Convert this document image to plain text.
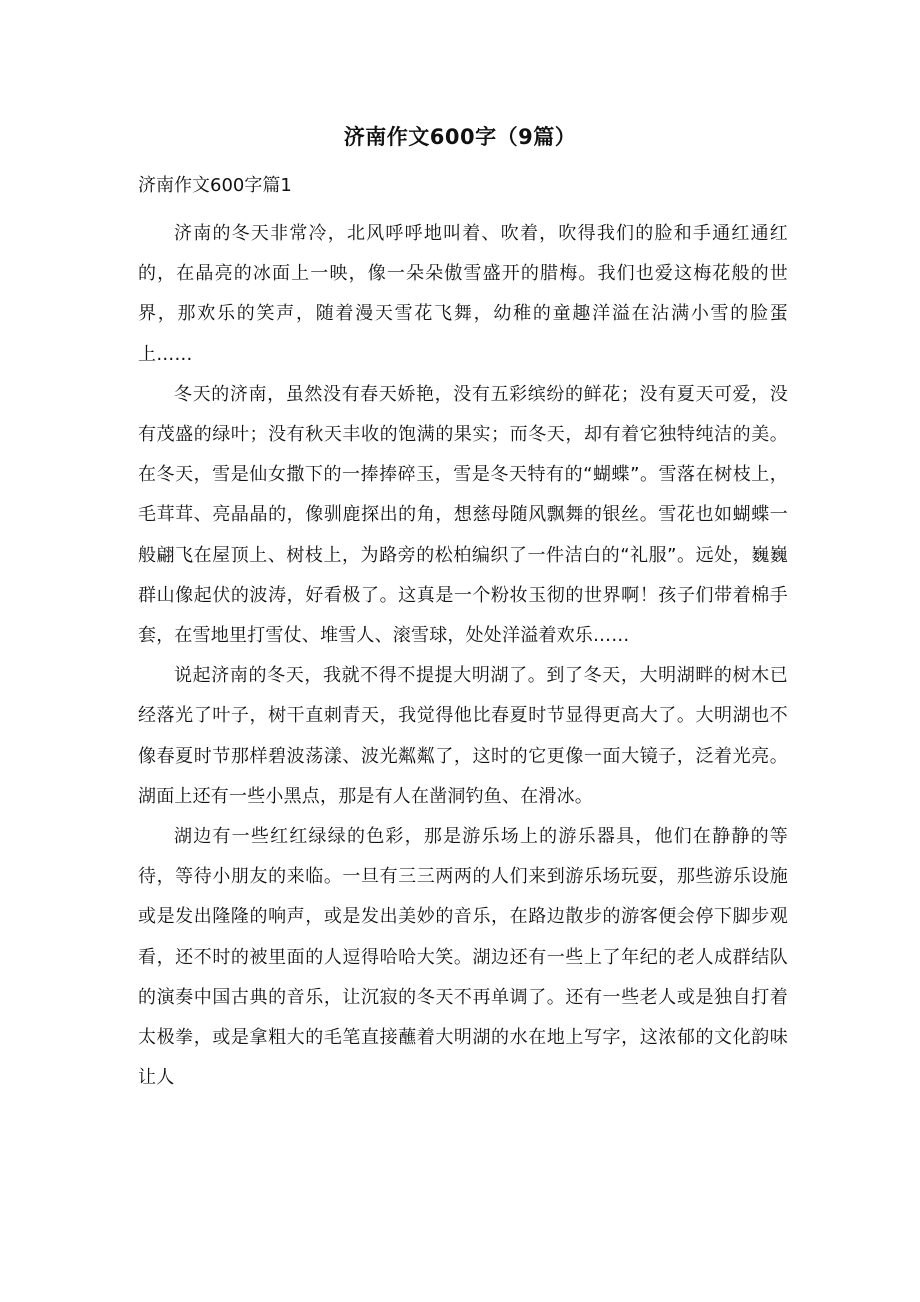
济南作文600字（9篇）
济南作文600字篇1

济南的冬天非常冷，北风呼呼地叫着、吹着，吹得我们的脸和手通红通红的，在晶亮的冰面上一映，像一朵朵傲雪盛开的腊梅。我们也爱这梅花般的世界，那欢乐的笑声，随着漫天雪花飞舞，幼稚的童趣洋溢在沾满小雪的脸蛋上……

冬天的济南，虽然没有春天娇艳，没有五彩缤纷的鲜花；没有夏天可爱，没有茂盛的绿叶；没有秋天丰收的饱满的果实；而冬天，却有着它独特纯洁的美。在冬天，雪是仙女撒下的一捧捧碎玉，雪是冬天特有的“蝴蝶”。雪落在树枝上，毛茸茸、亮晶晶的，像驯鹿探出的角，想慈母随风飘舞的银丝。雪花也如蝴蝶一般翩飞在屋顶上、树枝上，为路旁的松柏编织了一件洁白的“礼服”。远处，巍巍群山像起伏的波涛，好看极了。这真是一个粉妆玉彻的世界啊！孩子们带着棉手套，在雪地里打雪仗、堆雪人、滚雪球，处处洋溢着欢乐……

说起济南的冬天，我就不得不提提大明湖了。到了冬天，大明湖畔的树木已经落光了叶子，树干直刺青天，我觉得他比春夏时节显得更高大了。大明湖也不像春夏时节那样碧波荡漾、波光粼粼了，这时的它更像一面大镜子，泛着光亮。湖面上还有一些小黑点，那是有人在凿洞钓鱼、在滑冰。

湖边有一些红红绿绿的色彩，那是游乐场上的游乐器具，他们在静静的等待，等待小朋友的来临。一旦有三三两两的人们来到游乐场玩耍，那些游乐设施或是发出隆隆的响声，或是发出美妙的音乐，在路边散步的游客便会停下脚步观看，还不时的被里面的人逗得哈哈大笑。湖边还有一些上了年纪的老人成群结队的演奏中国古典的音乐，让沉寂的冬天不再单调了。还有一些老人或是独自打着太极拳，或是拿粗大的毛笔直接蘸着大明湖的水在地上写字，这浓郁的文化韵味让人
